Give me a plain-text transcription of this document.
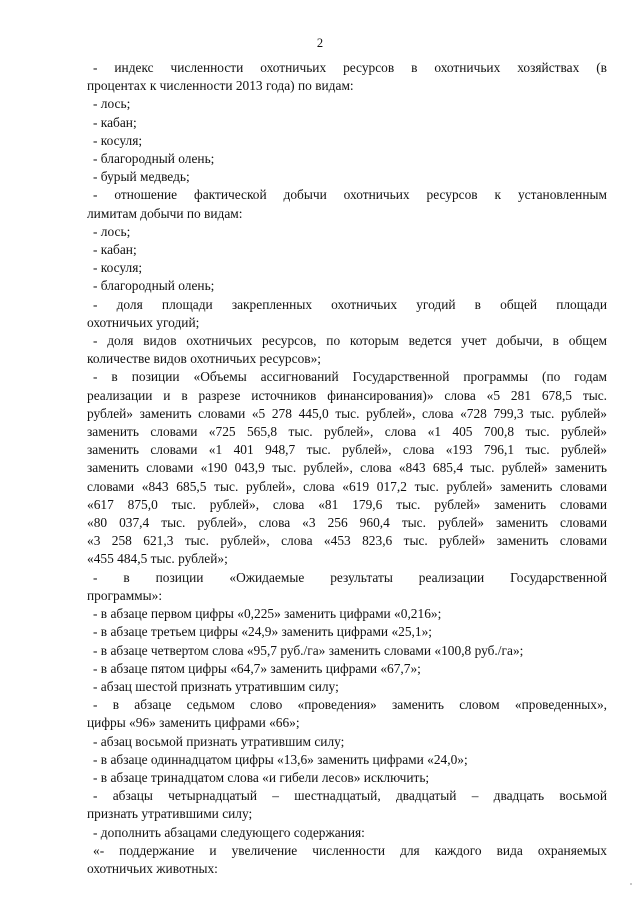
2

- индекс численности охотничьих ресурсов в охотничьих хозяйствах (в

процентах к численности 2013 года) по видам:

- лось;

- кабан;

- косуля;

- благородный олень;

- бурый медведь;

- отношение фактической добычи охотничьих ресурсов к установленным

лимитам добычи по видам:

- лось;

- кабан;

- косуля;

- благородный олень;

- доля площади закрепленных охотничьих угодий в общей площади

охотничьих угодий;

- доля видов охотничьих ресурсов, по которым ведется учет добычи, в общем

количестве видов охотничьих ресурсов»;

- в позиции «Объемы ассигнований Государственной программы (по годам

реализации и в разрезе источников финансирования)» слова «5 281 678,5 тыс.

рублей» заменить словами «5 278 445,0 тыс. рублей», слова «728 799,3 тыс. рублей»

заменить словами «725 565,8 тыс. рублей», слова «1 405 700,8 тыс. рублей»

заменить словами «1 401 948,7 тыс. рублей», слова «193 796,1 тыс. рублей»

заменить словами «190 043,9 тыс. рублей», слова «843 685,4 тыс. рублей» заменить

словами «843 685,5 тыс. рублей», слова «619 017,2 тыс. рублей» заменить словами

«617 875,0 тыс. рублей», слова «81 179,6 тыс. рублей» заменить словами

«80 037,4 тыс. рублей», слова «3 256 960,4 тыс. рублей» заменить словами

«3 258 621,3 тыс. рублей», слова «453 823,6 тыс. рублей» заменить словами

«455 484,5 тыс. рублей»;

- в позиции «Ожидаемые результаты реализации Государственной

программы»:

- в абзаце первом цифры «0,225» заменить цифрами «0,216»;

- в абзаце третьем цифры «24,9» заменить цифрами «25,1»;

- в абзаце четвертом слова «95,7 руб./га» заменить словами «100,8 руб./га»;

- в абзаце пятом цифры «64,7» заменить цифрами «67,7»;

- абзац шестой признать утратившим силу;

- в абзаце седьмом слово «проведения» заменить словом «проведенных»,

цифры «96» заменить цифрами «66»;

- абзац восьмой признать утратившим силу;

- в абзаце одиннадцатом цифры «13,6» заменить цифрами «24,0»;

- в абзаце тринадцатом слова «и гибели лесов» исключить;

- абзацы четырнадцатый – шестнадцатый, двадцатый – двадцать восьмой

признать утратившими силу;

- дополнить абзацами следующего содержания:

«- поддержание и увеличение численности для каждого вида охраняемых

охотничьих животных:
